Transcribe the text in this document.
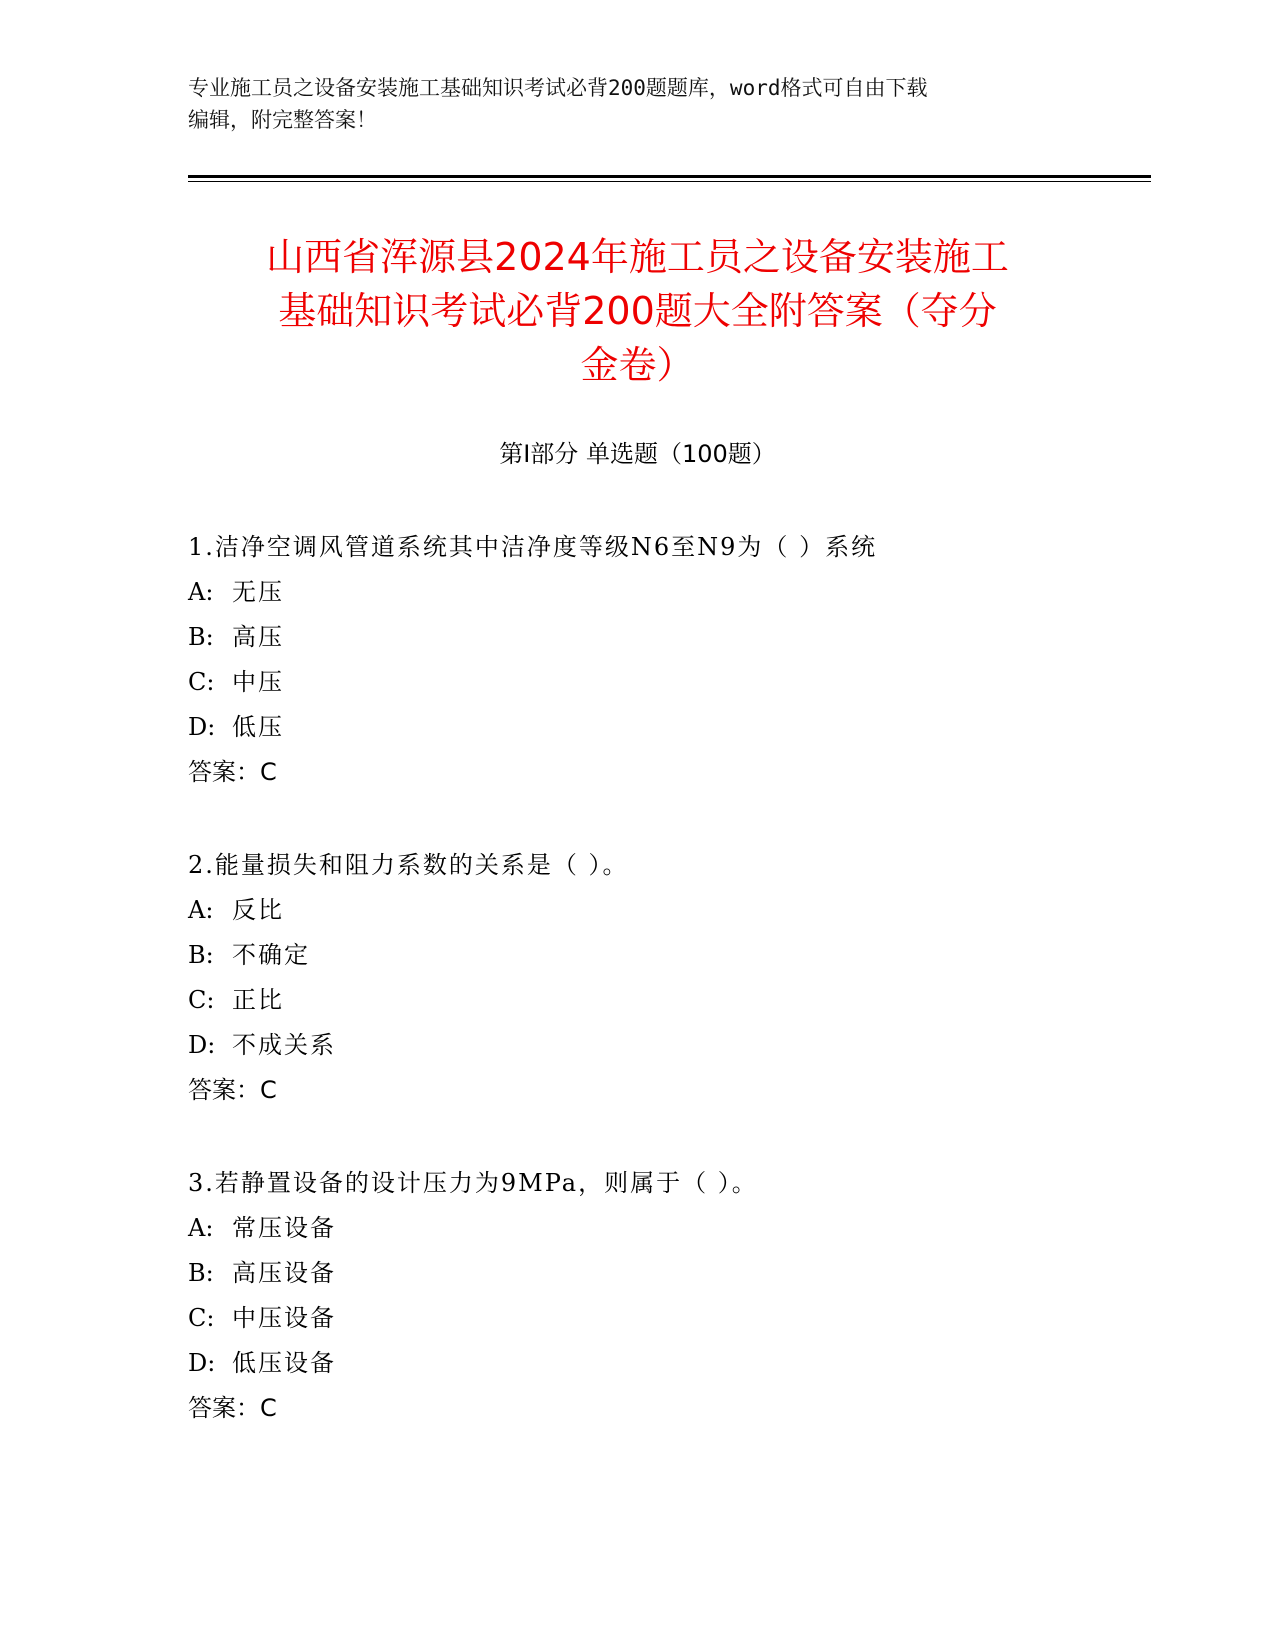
专业施工员之设备安装施工基础知识考试必背200题题库，word格式可自由下载
编辑，附完整答案！
山西省浑源县2024年施工员之设备安装施工
基础知识考试必背200题大全附答案（夺分
金卷）
第Ⅰ部分 单选题（100题）
1.洁净空调风管道系统其中洁净度等级N6至N9为（ ）系统
A: 无压
B: 高压
C: 中压
D: 低压
答案：C
2.能量损失和阻力系数的关系是（ ）。
A: 反比
B: 不确定
C: 正比
D: 不成关系
答案：C
3.若静置设备的设计压力为9MPa，则属于（ ）。
A: 常压设备
B: 高压设备
C: 中压设备
D: 低压设备
答案：C
